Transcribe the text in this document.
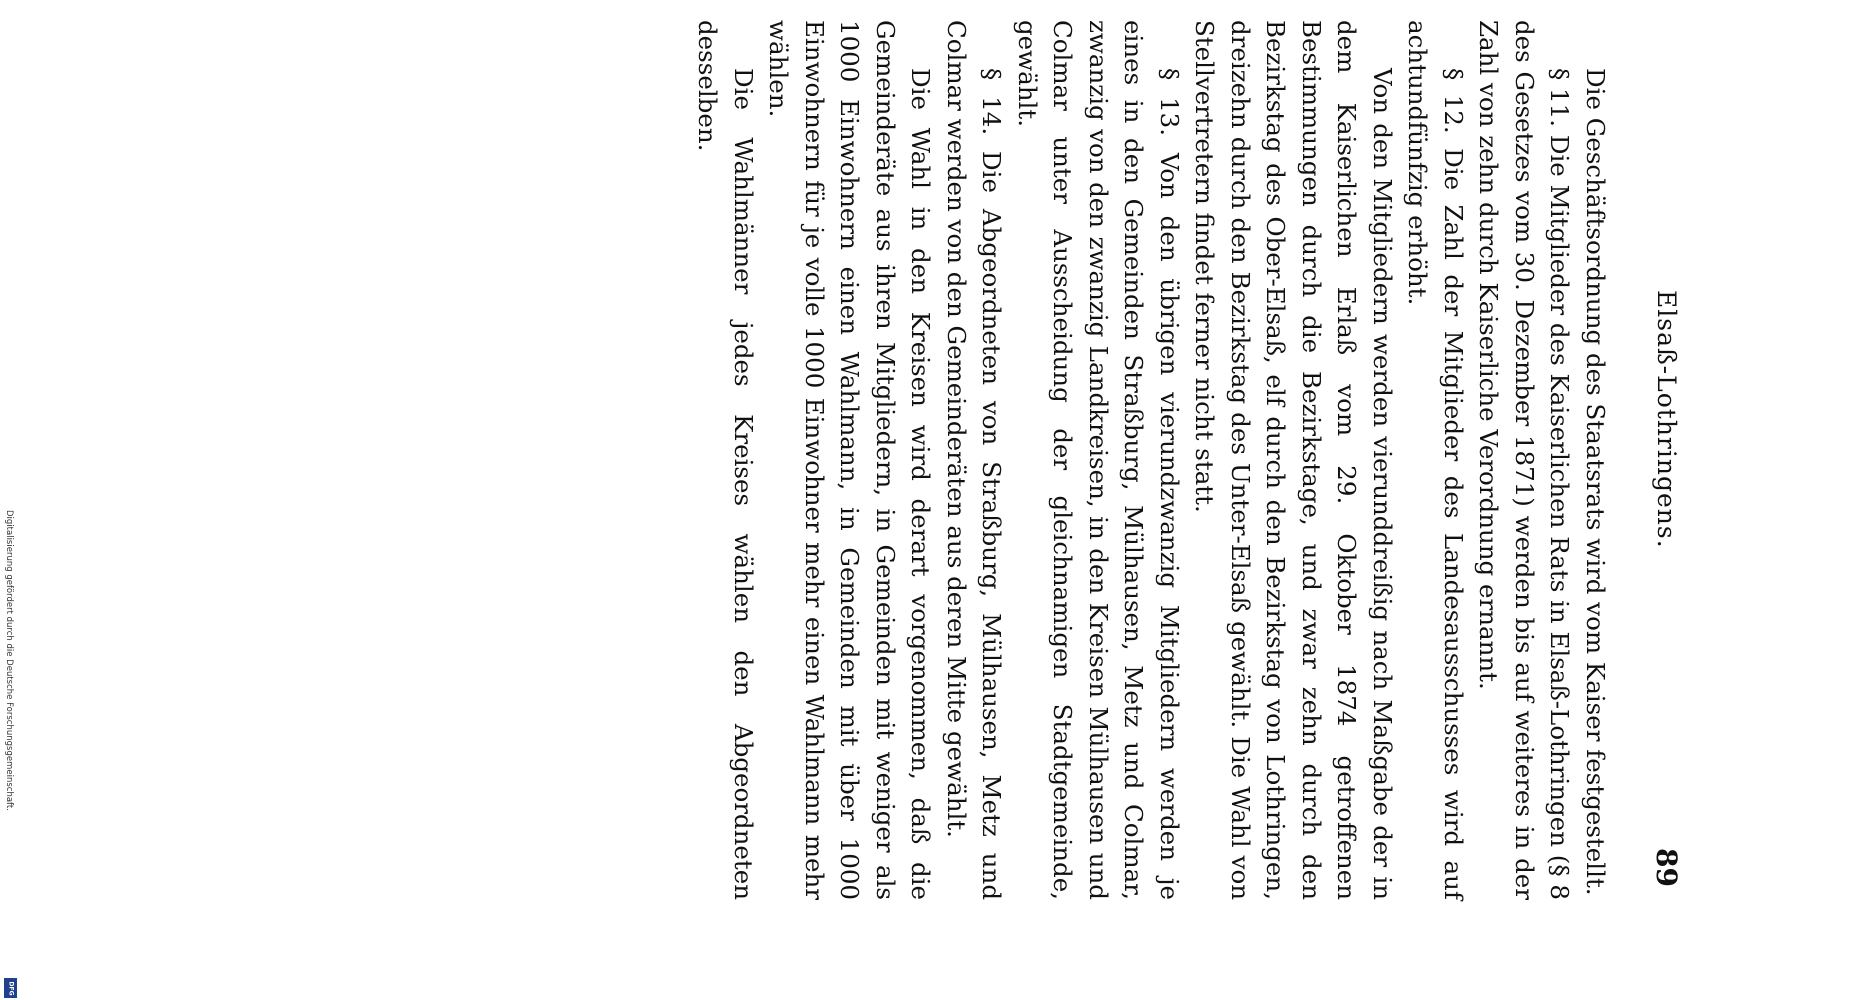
Digitalisierung gefördert durch die Deutsche Forschungsgemeinschaft.
DFG
Elsaß-Lothringens.
89

Die Geschäftsordnung des Staatsrats wird vom Kaiser festgestellt.

§ 11. Die Mitglieder des Kaiserlichen Rats in Elsaß-Lothringen (§ 8 des Gesetzes vom 30. Dezember 1871) werden bis auf weiteres in der Zahl von zehn durch Kaiserliche Verordnung ernannt.

§ 12. Die Zahl der Mitglieder des Landesausschusses wird auf achtundfünfzig erhöht.

Von den Mitgliedern werden vierunddreißig nach Maßgabe der in dem Kaiserlichen Erlaß vom 29. Oktober 1874 getroffenen Bestimmungen durch die Bezirkstage, und zwar zehn durch den Bezirkstag des Ober-Elsaß, elf durch den Bezirkstag von Lothringen, dreizehn durch den Bezirkstag des Unter-Elsaß gewählt. Die Wahl von Stellvertretern findet ferner nicht statt.

§ 13. Von den übrigen vierundzwanzig Mitgliedern werden je eines in den Gemeinden Straßburg, Mülhausen, Metz und Colmar, zwanzig von den zwanzig Landkreisen, in den Kreisen Mülhausen und Colmar unter Ausscheidung der gleichnamigen Stadtgemeinde, gewählt.

§ 14. Die Abgeordneten von Straßburg, Mülhausen, Metz und Colmar werden von den Gemeinderäten aus deren Mitte gewählt.

Die Wahl in den Kreisen wird derart vorgenommen, daß die Gemeinderäte aus ihren Mitgliedern, in Gemeinden mit weniger als 1000 Einwohnern einen Wahlmann, in Gemeinden mit über 1000 Einwohnern für je volle 1000 Einwohner mehr einen Wahlmann mehr wählen.

Die Wahlmänner jedes Kreises wählen den Abgeordneten desselben.
